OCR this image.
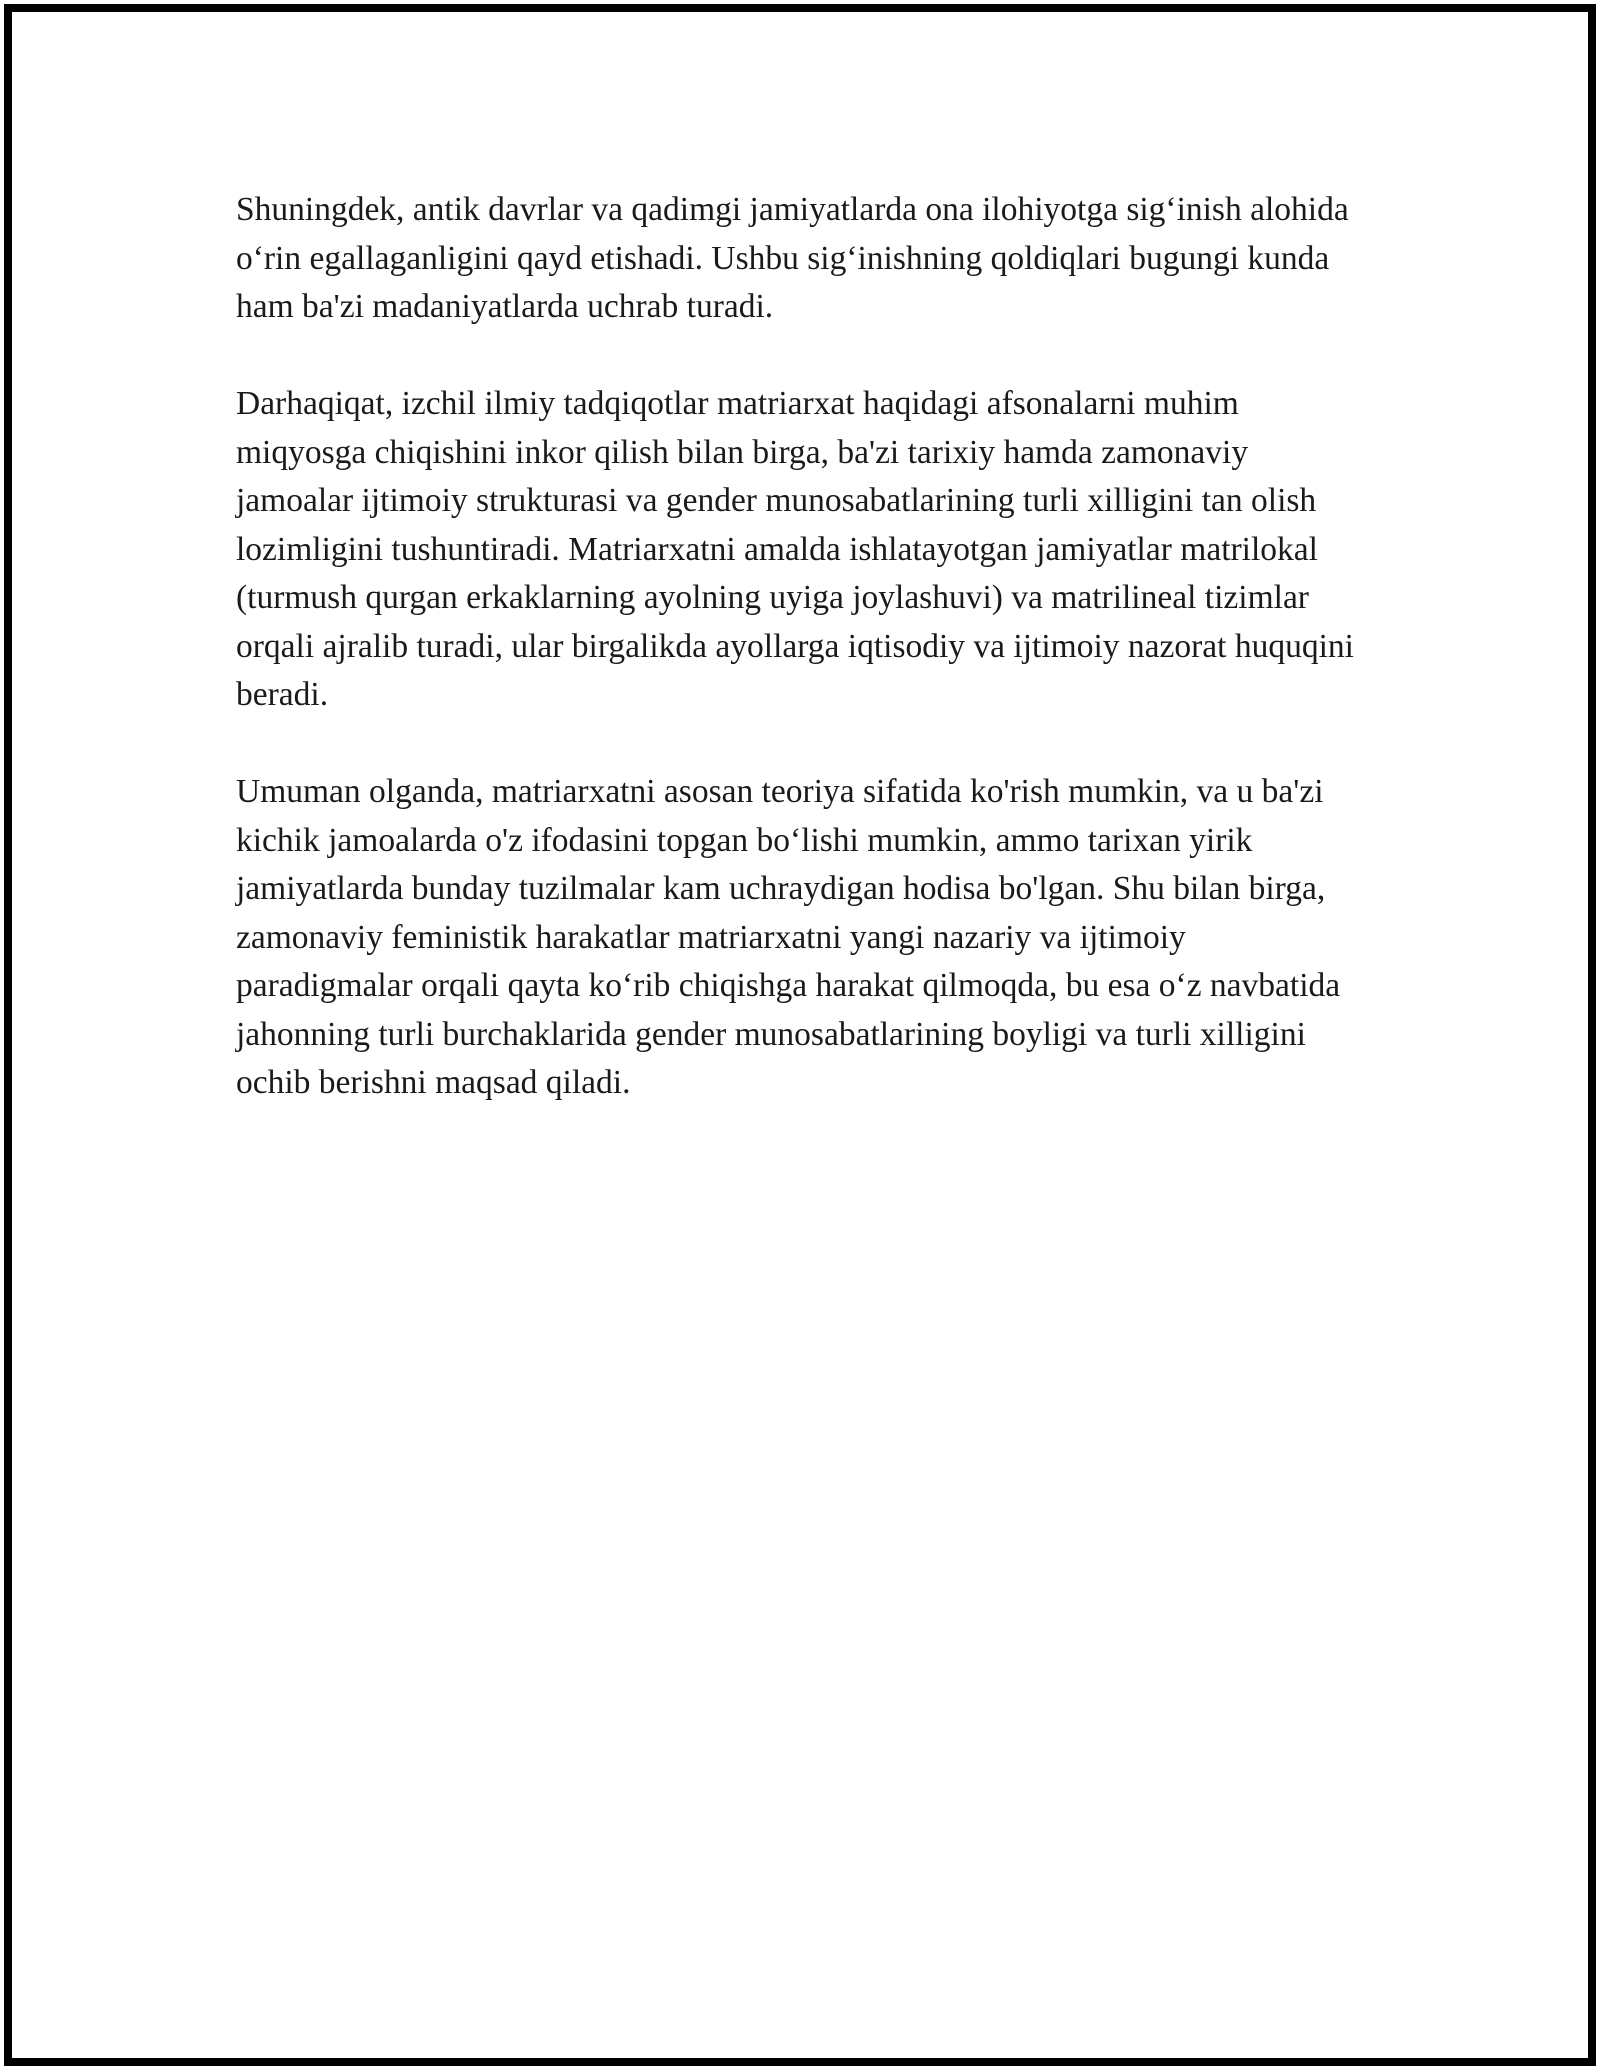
Shuningdek, antik davrlar va qadimgi jamiyatlarda ona ilohiyotga sig‘inish alohida o‘rin egallaganligini qayd etishadi. Ushbu sig‘inishning qoldiqlari bugungi kunda ham ba'zi madaniyatlarda uchrab turadi.

Darhaqiqat, izchil ilmiy tadqiqotlar matriarxat haqidagi afsonalarni muhim miqyosga chiqishini inkor qilish bilan birga, ba'zi tarixiy hamda zamonaviy jamoalar ijtimoiy strukturasi va gender munosabatlarining turli xilligini tan olish lozimligini tushuntiradi. Matriarxatni amalda ishlatayotgan jamiyatlar matrilokal (turmush qurgan erkaklarning ayolning uyiga joylashuvi) va matrilineal tizimlar orqali ajralib turadi, ular birgalikda ayollarga iqtisodiy va ijtimoiy nazorat huquqini beradi.

Umuman olganda, matriarxatni asosan teoriya sifatida ko'rish mumkin, va u ba'zi kichik jamoalarda o'z ifodasini topgan bo‘lishi mumkin, ammo tarixan yirik jamiyatlarda bunday tuzilmalar kam uchraydigan hodisa bo'lgan. Shu bilan birga, zamonaviy feministik harakatlar matriarxatni yangi nazariy va ijtimoiy paradigmalar orqali qayta ko‘rib chiqishga harakat qilmoqda, bu esa o‘z navbatida jahonning turli burchaklarida gender munosabatlarining boyligi va turli xilligini ochib berishni maqsad qiladi.
